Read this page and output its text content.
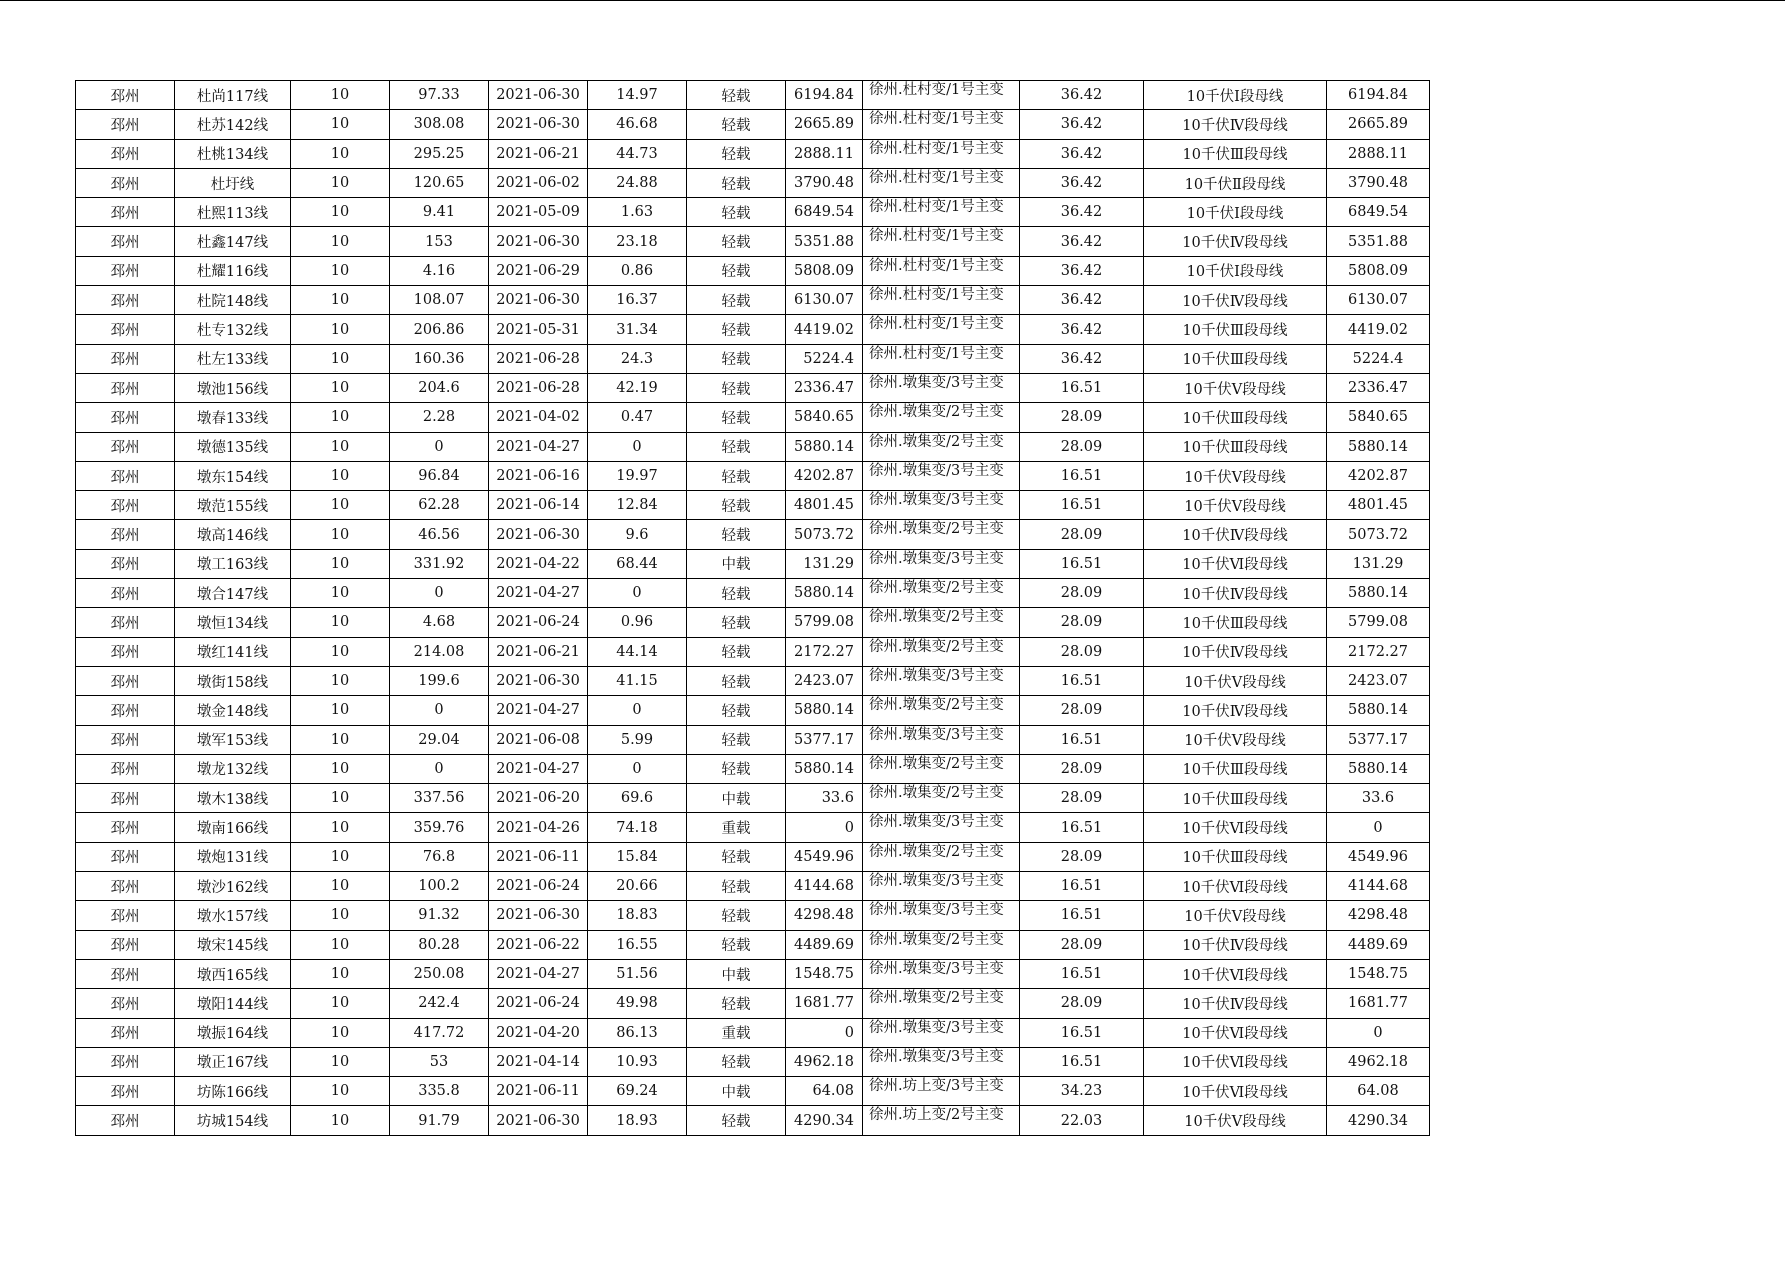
邳州	杜尚117线	10	97.33	2021-06-30	14.97	轻载	6194.84	徐州.杜村变/1号主变	36.42	10千伏Ⅰ段母线	6194.84
邳州	杜苏142线	10	308.08	2021-06-30	46.68	轻载	2665.89	徐州.杜村变/1号主变	36.42	10千伏Ⅳ段母线	2665.89
邳州	杜桃134线	10	295.25	2021-06-21	44.73	轻载	2888.11	徐州.杜村变/1号主变	36.42	10千伏Ⅲ段母线	2888.11
邳州	杜圩线	10	120.65	2021-06-02	24.88	轻载	3790.48	徐州.杜村变/1号主变	36.42	10千伏Ⅱ段母线	3790.48
邳州	杜熙113线	10	9.41	2021-05-09	1.63	轻载	6849.54	徐州.杜村变/1号主变	36.42	10千伏Ⅰ段母线	6849.54
邳州	杜鑫147线	10	153	2021-06-30	23.18	轻载	5351.88	徐州.杜村变/1号主变	36.42	10千伏Ⅳ段母线	5351.88
邳州	杜耀116线	10	4.16	2021-06-29	0.86	轻载	5808.09	徐州.杜村变/1号主变	36.42	10千伏Ⅰ段母线	5808.09
邳州	杜院148线	10	108.07	2021-06-30	16.37	轻载	6130.07	徐州.杜村变/1号主变	36.42	10千伏Ⅳ段母线	6130.07
邳州	杜专132线	10	206.86	2021-05-31	31.34	轻载	4419.02	徐州.杜村变/1号主变	36.42	10千伏Ⅲ段母线	4419.02
邳州	杜左133线	10	160.36	2021-06-28	24.3	轻载	5224.4	徐州.杜村变/1号主变	36.42	10千伏Ⅲ段母线	5224.4
邳州	墩池156线	10	204.6	2021-06-28	42.19	轻载	2336.47	徐州.墩集变/3号主变	16.51	10千伏Ⅴ段母线	2336.47
邳州	墩春133线	10	2.28	2021-04-02	0.47	轻载	5840.65	徐州.墩集变/2号主变	28.09	10千伏Ⅲ段母线	5840.65
邳州	墩德135线	10	0	2021-04-27	0	轻载	5880.14	徐州.墩集变/2号主变	28.09	10千伏Ⅲ段母线	5880.14
邳州	墩东154线	10	96.84	2021-06-16	19.97	轻载	4202.87	徐州.墩集变/3号主变	16.51	10千伏Ⅴ段母线	4202.87
邳州	墩范155线	10	62.28	2021-06-14	12.84	轻载	4801.45	徐州.墩集变/3号主变	16.51	10千伏Ⅴ段母线	4801.45
邳州	墩高146线	10	46.56	2021-06-30	9.6	轻载	5073.72	徐州.墩集变/2号主变	28.09	10千伏Ⅳ段母线	5073.72
邳州	墩工163线	10	331.92	2021-04-22	68.44	中载	131.29	徐州.墩集变/3号主变	16.51	10千伏Ⅵ段母线	131.29
邳州	墩合147线	10	0	2021-04-27	0	轻载	5880.14	徐州.墩集变/2号主变	28.09	10千伏Ⅳ段母线	5880.14
邳州	墩恒134线	10	4.68	2021-06-24	0.96	轻载	5799.08	徐州.墩集变/2号主变	28.09	10千伏Ⅲ段母线	5799.08
邳州	墩红141线	10	214.08	2021-06-21	44.14	轻载	2172.27	徐州.墩集变/2号主变	28.09	10千伏Ⅳ段母线	2172.27
邳州	墩街158线	10	199.6	2021-06-30	41.15	轻载	2423.07	徐州.墩集变/3号主变	16.51	10千伏Ⅴ段母线	2423.07
邳州	墩金148线	10	0	2021-04-27	0	轻载	5880.14	徐州.墩集变/2号主变	28.09	10千伏Ⅳ段母线	5880.14
邳州	墩军153线	10	29.04	2021-06-08	5.99	轻载	5377.17	徐州.墩集变/3号主变	16.51	10千伏Ⅴ段母线	5377.17
邳州	墩龙132线	10	0	2021-04-27	0	轻载	5880.14	徐州.墩集变/2号主变	28.09	10千伏Ⅲ段母线	5880.14
邳州	墩木138线	10	337.56	2021-06-20	69.6	中载	33.6	徐州.墩集变/2号主变	28.09	10千伏Ⅲ段母线	33.6
邳州	墩南166线	10	359.76	2021-04-26	74.18	重载	0	徐州.墩集变/3号主变	16.51	10千伏Ⅵ段母线	0
邳州	墩炮131线	10	76.8	2021-06-11	15.84	轻载	4549.96	徐州.墩集变/2号主变	28.09	10千伏Ⅲ段母线	4549.96
邳州	墩沙162线	10	100.2	2021-06-24	20.66	轻载	4144.68	徐州.墩集变/3号主变	16.51	10千伏Ⅵ段母线	4144.68
邳州	墩水157线	10	91.32	2021-06-30	18.83	轻载	4298.48	徐州.墩集变/3号主变	16.51	10千伏Ⅴ段母线	4298.48
邳州	墩宋145线	10	80.28	2021-06-22	16.55	轻载	4489.69	徐州.墩集变/2号主变	28.09	10千伏Ⅳ段母线	4489.69
邳州	墩西165线	10	250.08	2021-04-27	51.56	中载	1548.75	徐州.墩集变/3号主变	16.51	10千伏Ⅵ段母线	1548.75
邳州	墩阳144线	10	242.4	2021-06-24	49.98	轻载	1681.77	徐州.墩集变/2号主变	28.09	10千伏Ⅳ段母线	1681.77
邳州	墩振164线	10	417.72	2021-04-20	86.13	重载	0	徐州.墩集变/3号主变	16.51	10千伏Ⅵ段母线	0
邳州	墩正167线	10	53	2021-04-14	10.93	轻载	4962.18	徐州.墩集变/3号主变	16.51	10千伏Ⅵ段母线	4962.18
邳州	坊陈166线	10	335.8	2021-06-11	69.24	中载	64.08	徐州.坊上变/3号主变	34.23	10千伏Ⅵ段母线	64.08
邳州	坊城154线	10	91.79	2021-06-30	18.93	轻载	4290.34	徐州.坊上变/2号主变	22.03	10千伏Ⅴ段母线	4290.34
